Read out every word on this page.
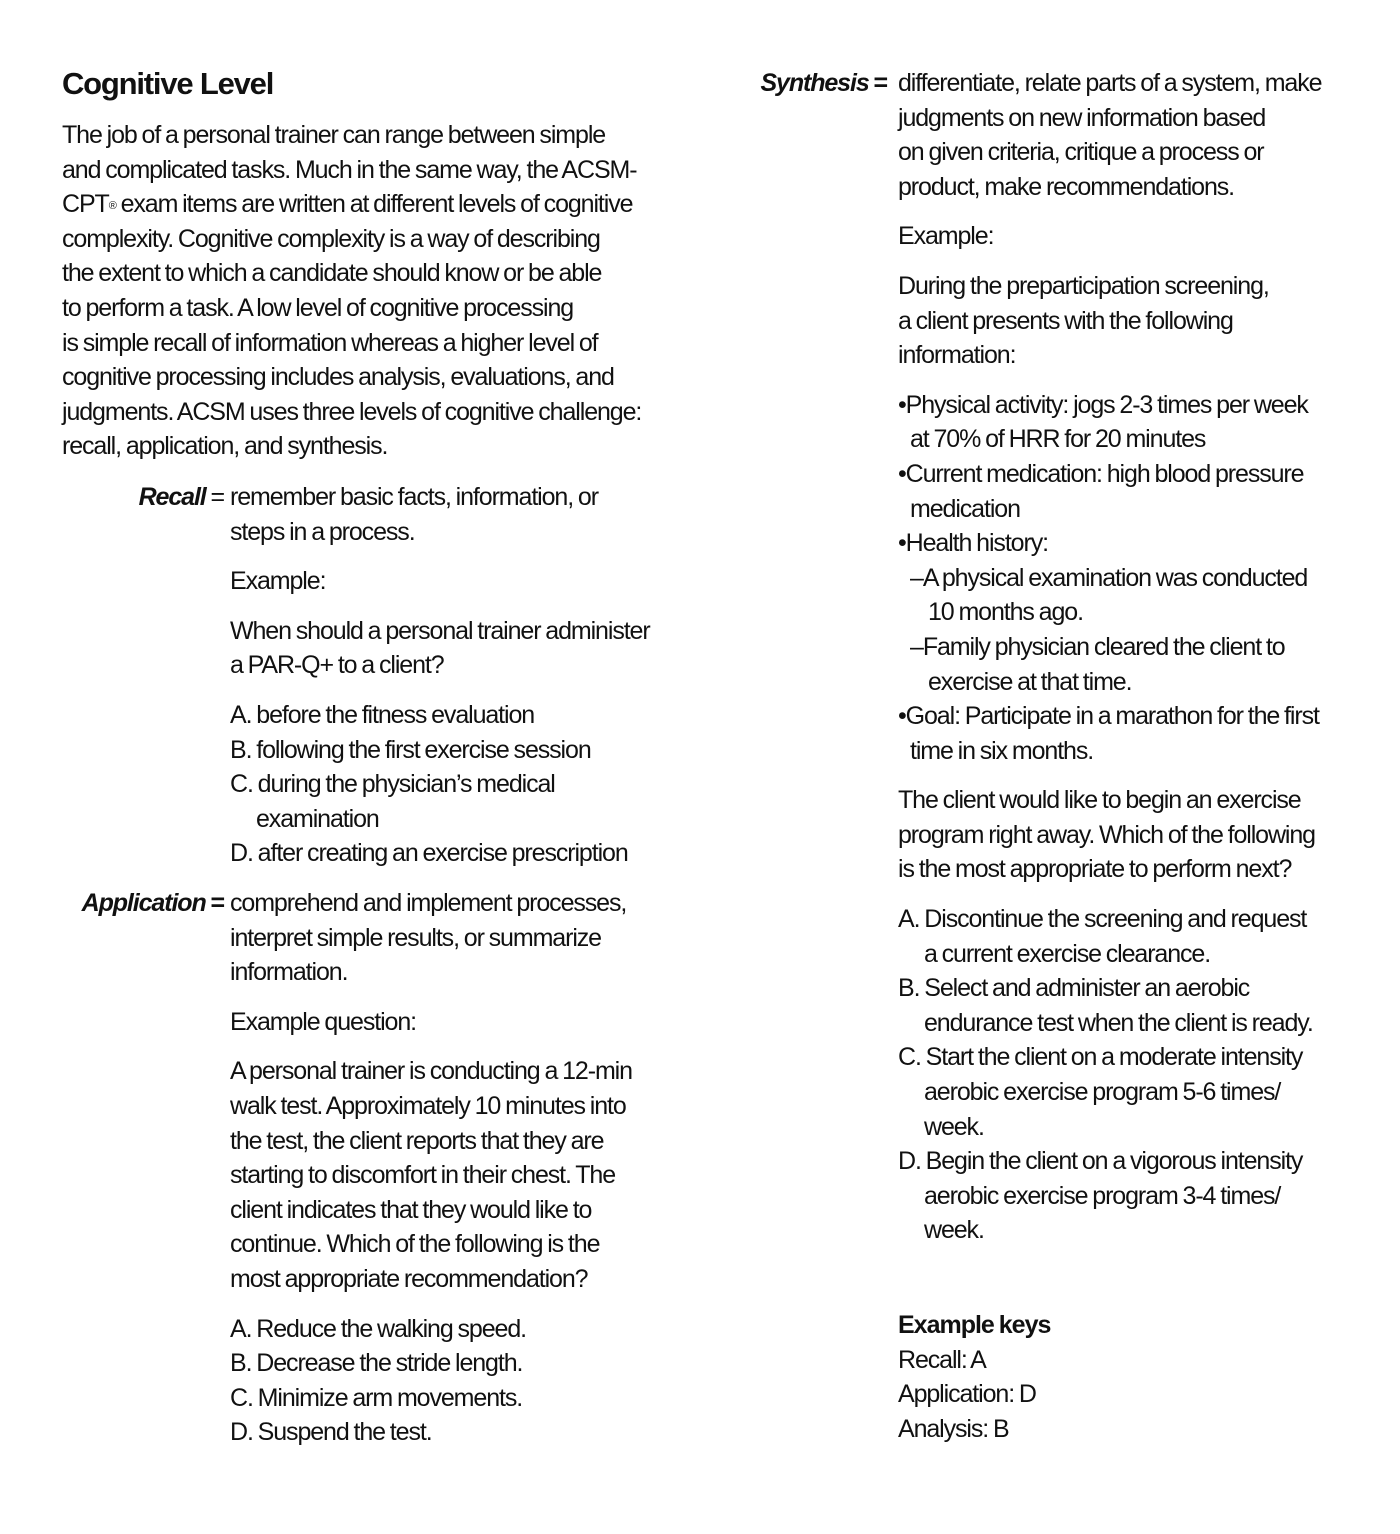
Cognitive Level
The job of a personal trainer can range between simple
and complicated tasks. Much in the same way, the ACSM-
CPT® exam items are written at different levels of cognitive
complexity. Cognitive complexity is a way of describing
the extent to which a candidate should know or be able
to perform a task. A low level of cognitive processing
is simple recall of information whereas a higher level of
cognitive processing includes analysis, evaluations, and
judgments. ACSM uses three levels of cognitive challenge:
recall, application, and synthesis.
Recall = remember basic facts, information, or
steps in a process.
Example:
When should a personal trainer administer
a PAR-Q+ to a client?
A. before the fitness evaluation
B. following the first exercise session
C. during the physician’s medical
examination
D. after creating an exercise prescription
Application = comprehend and implement processes,
interpret simple results, or summarize
information.
Example question:
A personal trainer is conducting a 12-min
walk test. Approximately 10 minutes into
the test, the client reports that they are
starting to discomfort in their chest. The
client indicates that they would like to
continue. Which of the following is the
most appropriate recommendation?
A. Reduce the walking speed.
B. Decrease the stride length.
C. Minimize arm movements.
D. Suspend the test.
Synthesis = differentiate, relate parts of a system, make
judgments on new information based
on given criteria, critique a process or
product, make recommendations.
Example:
During the preparticipation screening,
a client presents with the following
information:
•Physical activity: jogs 2-3 times per week
at 70% of HRR for 20 minutes
•Current medication: high blood pressure
medication
•Health history:
–A physical examination was conducted
10 months ago.
–Family physician cleared the client to
exercise at that time.
•Goal: Participate in a marathon for the first
time in six months.
The client would like to begin an exercise
program right away. Which of the following
is the most appropriate to perform next?
A. Discontinue the screening and request
a current exercise clearance.
B. Select and administer an aerobic
endurance test when the client is ready.
C. Start the client on a moderate intensity
aerobic exercise program 5-6 times/
week.
D. Begin the client on a vigorous intensity
aerobic exercise program 3-4 times/
week.
Example keys
Recall: A
Application: D
Analysis: B
